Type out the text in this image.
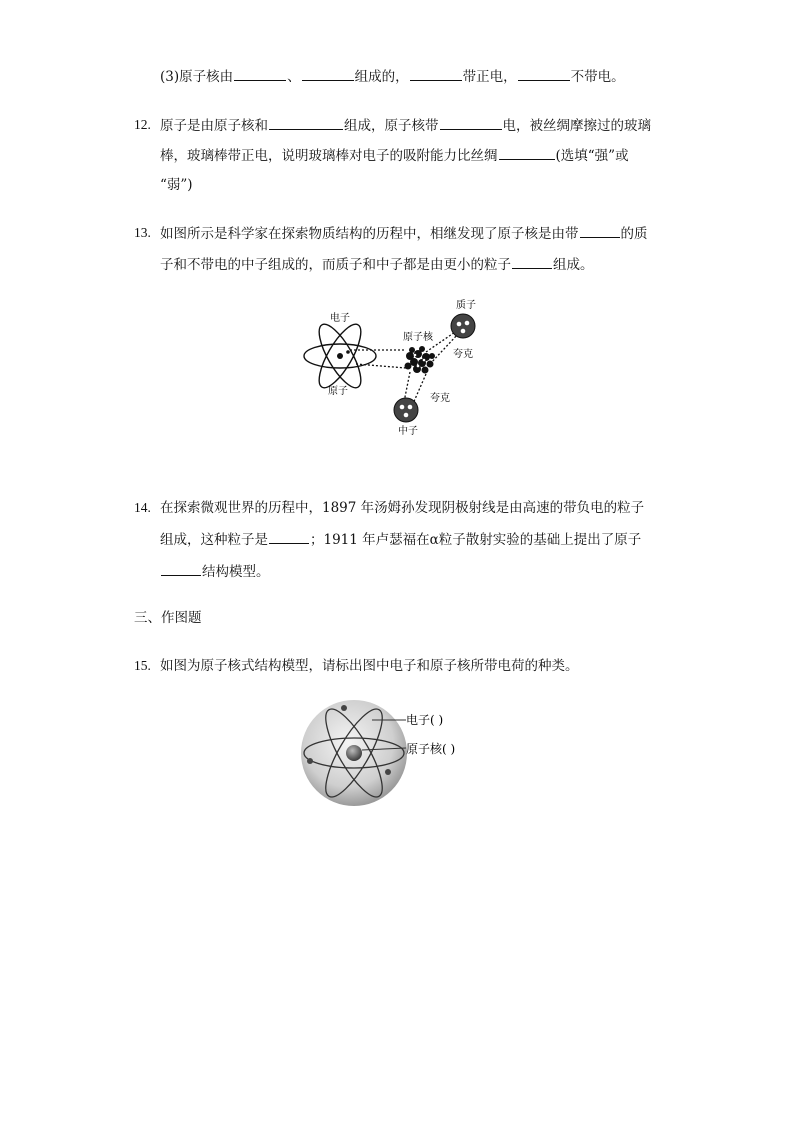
(3)原子核由	、	组成的，	带正电，	不带电。
12. 原子是由原子核和	组成，原子核带	电，被丝绸摩擦过的玻璃
棒，玻璃棒带正电，说明玻璃棒对电子的吸附能力比丝绸	(选填“强”或
“弱”)
13. 如图所示是科学家在探索物质结构的历程中，相继发现了原子核是由带	的质
子和不带电的中子组成的，而质子和中子都是由更小的粒子	组成。
电子
原子
原子核
质子
夸克
夸克
中子
14. 在探索微观世界的历程中，1897 年汤姆孙发现阴极射线是由高速的带负电的粒子
组成，这种粒子是	；1911 年卢瑟福在α粒子散射实验的基础上提出了原子
结构模型。
三、作图题
15. 如图为原子核式结构模型，请标出图中电子和原子核所带电荷的种类。
电子( )
原子核( )
